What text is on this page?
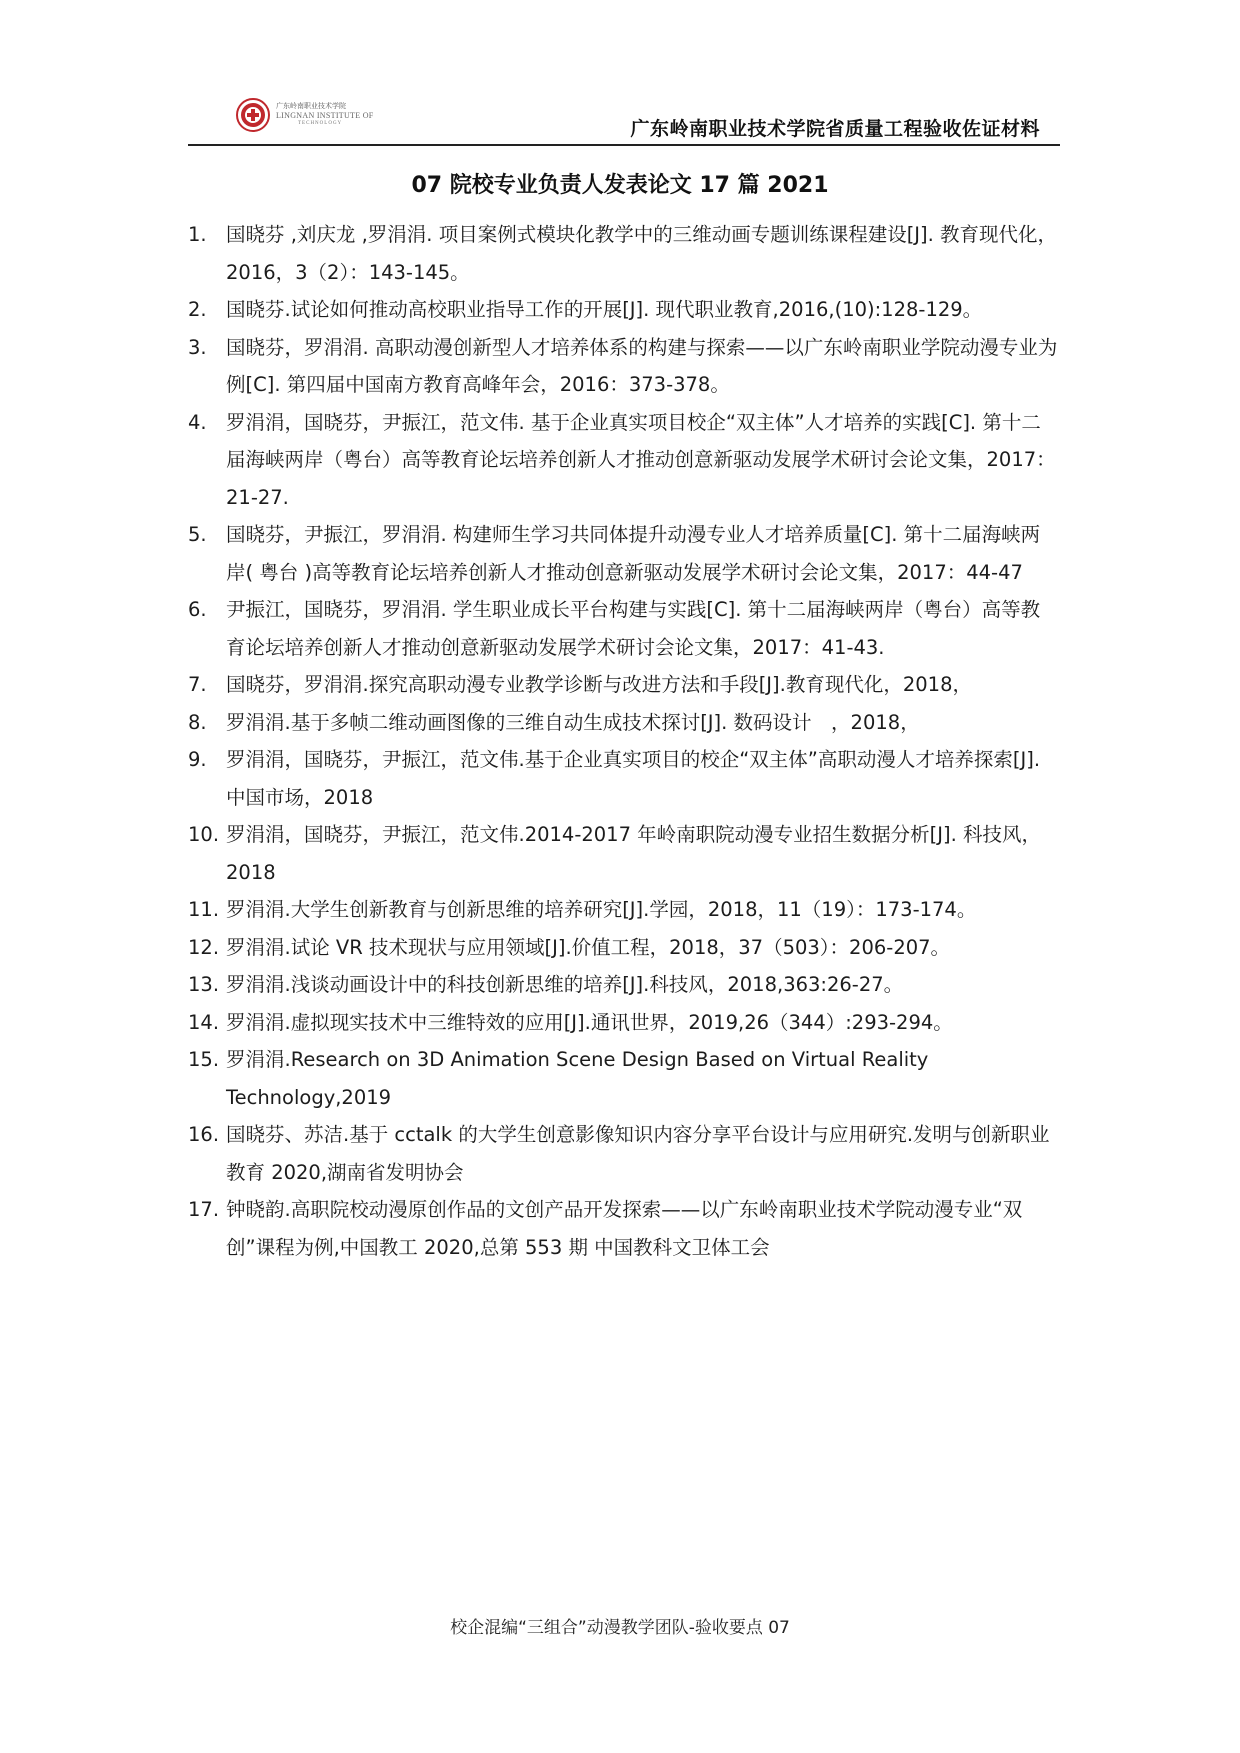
广东岭南职业技术学院
LINGNAN INSTITUTE OF
TECHNOLOGY	广东岭南职业技术学院省质量工程验收佐证材料
07 院校专业负责人发表论文 17 篇 2021
1. 国晓芬 ,刘庆龙 ,罗涓涓. 项目案例式模块化教学中的三维动画专题训练课程建设[J]. 教育现代化，2016，3（2）：143-145。
2. 国晓芬.试论如何推动高校职业指导工作的开展[J]. 现代职业教育,2016,(10):128-129。
3. 国晓芬，罗涓涓. 高职动漫创新型人才培养体系的构建与探索——以广东岭南职业学院动漫专业为例[C]. 第四届中国南方教育高峰年会，2016：373-378。
4. 罗涓涓，国晓芬，尹振江，范文伟. 基于企业真实项目校企“双主体”人才培养的实践[C]. 第十二届海峡两岸（粤台）高等教育论坛培养创新人才推动创意新驱动发展学术研讨会论文集，2017：21-27.
5. 国晓芬，尹振江，罗涓涓. 构建师生学习共同体提升动漫专业人才培养质量[C]. 第十二届海峡两岸( 粤台 )高等教育论坛培养创新人才推动创意新驱动发展学术研讨会论文集，2017：44-47
6. 尹振江，国晓芬，罗涓涓. 学生职业成长平台构建与实践[C]. 第十二届海峡两岸（粤台）高等教育论坛培养创新人才推动创意新驱动发展学术研讨会论文集，2017：41-43.
7. 国晓芬，罗涓涓.探究高职动漫专业教学诊断与改进方法和手段[J].教育现代化，2018，
8. 罗涓涓.基于多帧二维动画图像的三维自动生成技术探讨[J]. 数码设计　，2018，
9. 罗涓涓，国晓芬，尹振江，范文伟.基于企业真实项目的校企“双主体”高职动漫人才培养探索[J].中国市场，2018
10. 罗涓涓，国晓芬，尹振江，范文伟.2014-2017 年岭南职院动漫专业招生数据分析[J]. 科技风，2018
11. 罗涓涓.大学生创新教育与创新思维的培养研究[J].学园，2018，11（19）：173-174。
12. 罗涓涓.试论 VR 技术现状与应用领域[J].价值工程，2018，37（503）：206-207。
13. 罗涓涓.浅谈动画设计中的科技创新思维的培养[J].科技风，2018,363:26-27。
14. 罗涓涓.虚拟现实技术中三维特效的应用[J].通讯世界，2019,26（344）:293-294。
15. 罗涓涓.Research on 3D Animation Scene Design Based on Virtual Reality Technology,2019
16. 国晓芬、苏洁.基于 cctalk 的大学生创意影像知识内容分享平台设计与应用研究.发明与创新职业教育 2020,湖南省发明协会
17. 钟晓韵.高职院校动漫原创作品的文创产品开发探索——以广东岭南职业技术学院动漫专业“双创”课程为例,中国教工 2020,总第 553 期 中国教科文卫体工会
校企混编“三组合”动漫教学团队-验收要点 07
